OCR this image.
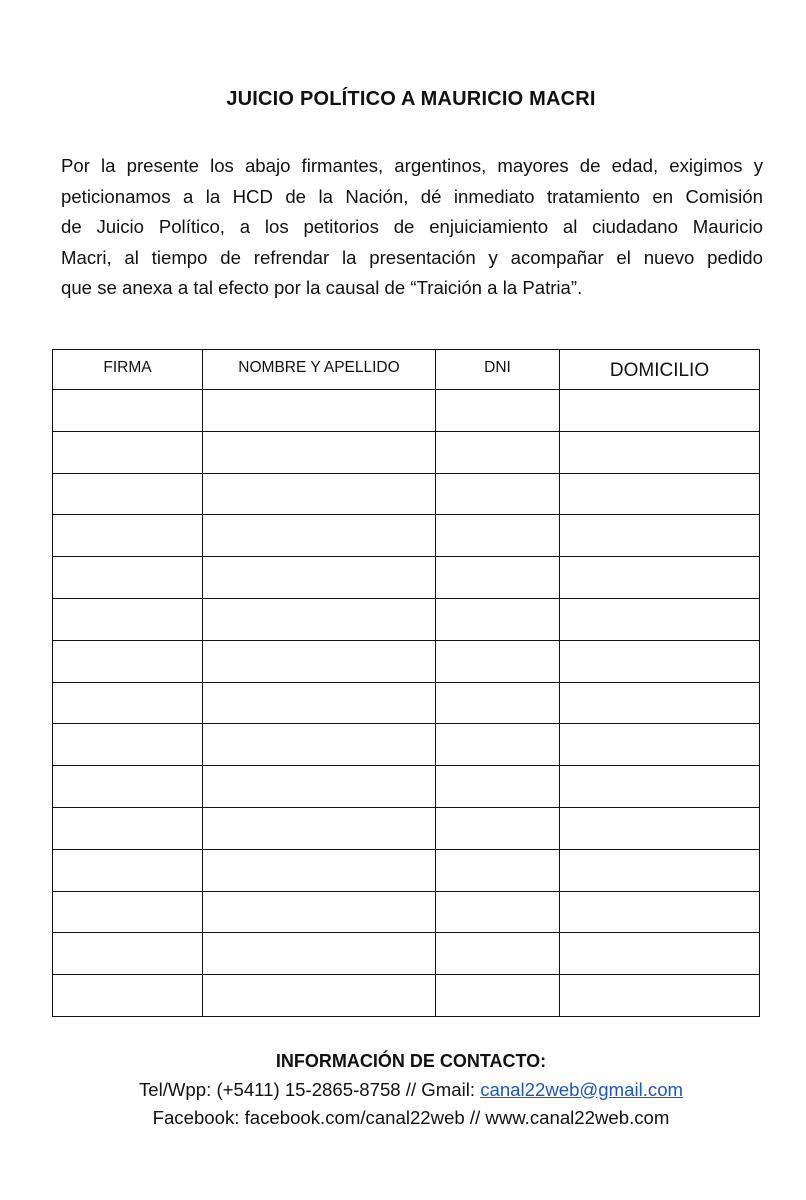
JUICIO POLÍTICO A MAURICIO MACRI
Por la presente los abajo firmantes, argentinos, mayores de edad, exigimos y
peticionamos a la HCD de la Nación, dé inmediato tratamiento en Comisión
de Juicio Político, a los petitorios de enjuiciamiento al ciudadano Mauricio
Macri, al tiempo de refrendar la presentación y acompañar el nuevo pedido
que se anexa a tal efecto por la causal de “Traición a la Patria”.
FIRMA	NOMBRE Y APELLIDO	DNI	DOMICILIO

INFORMACIÓN DE CONTACTO:
Tel/Wpp: (+5411) 15-2865-8758 // Gmail: canal22web@gmail.com
Facebook: facebook.com/canal22web // www.canal22web.com
